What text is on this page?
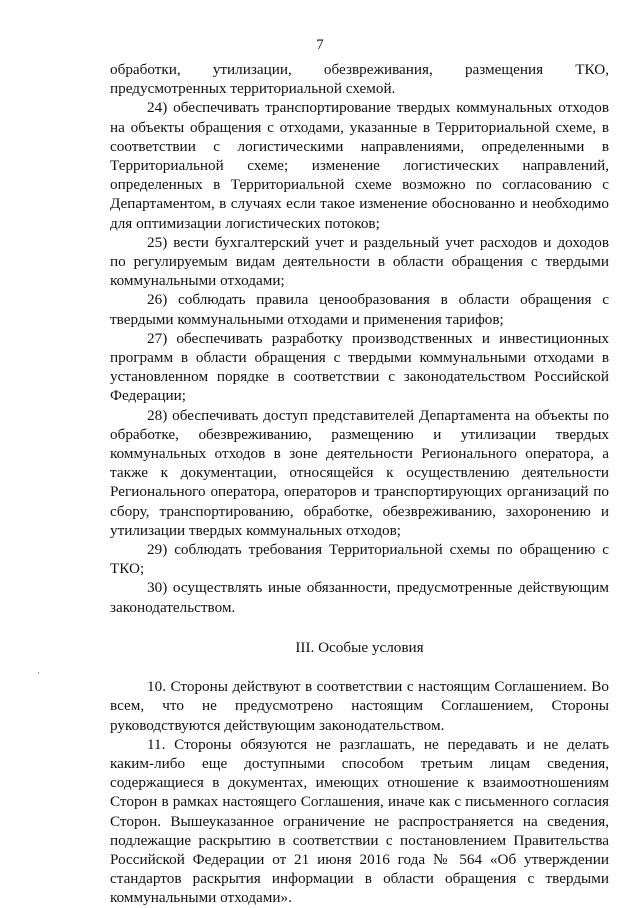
7

обработки, утилизации, обезвреживания, размещения ТКО, предусмотренных территориальной схемой.

24) обеспечивать транспортирование твердых коммунальных отходов на объекты обращения с отходами, указанные в Территориальной схеме, в соответствии с логистическими направлениями, определенными в Территориальной схеме; изменение логистических направлений, определенных в Территориальной схеме возможно по согласованию с Департаментом, в случаях если такое изменение обоснованно и необходимо для оптимизации логистических потоков;

25) вести бухгалтерский учет и раздельный учет расходов и доходов по регулируемым видам деятельности в области обращения с твердыми коммунальными отходами;

26) соблюдать правила ценообразования в области обращения с твердыми коммунальными отходами и применения тарифов;

27) обеспечивать разработку производственных и инвестиционных программ в области обращения с твердыми коммунальными отходами в установленном порядке в соответствии с законодательством Российской Федерации;

28) обеспечивать доступ представителей Департамента на объекты по обработке, обезвреживанию, размещению и утилизации твердых коммунальных отходов в зоне деятельности Регионального оператора, а также к документации, относящейся к осуществлению деятельности Регионального оператора, операторов и транспортирующих организаций по сбору, транспортированию, обработке, обезвреживанию, захоронению и утилизации твердых коммунальных отходов;

29) соблюдать требования Территориальной схемы по обращению с ТКО;

30) осуществлять иные обязанности, предусмотренные действующим законодательством.

III. Особые условия

10. Стороны действуют в соответствии с настоящим Соглашением. Во всем, что не предусмотрено настоящим Соглашением, Стороны руководствуются действующим законодательством.

11. Стороны обязуются не разглашать, не передавать и не делать каким-либо еще доступными способом третьим лицам сведения, содержащиеся в документах, имеющих отношение к взаимоотношениям Сторон в рамках настоящего Соглашения, иначе как с письменного согласия Сторон. Вышеуказанное ограничение не распространяется на сведения, подлежащие раскрытию в соответствии с постановлением Правительства Российской Федерации от 21 июня 2016 года № 564 «Об утверждении стандартов раскрытия информации в области обращения с твердыми коммунальными отходами».
